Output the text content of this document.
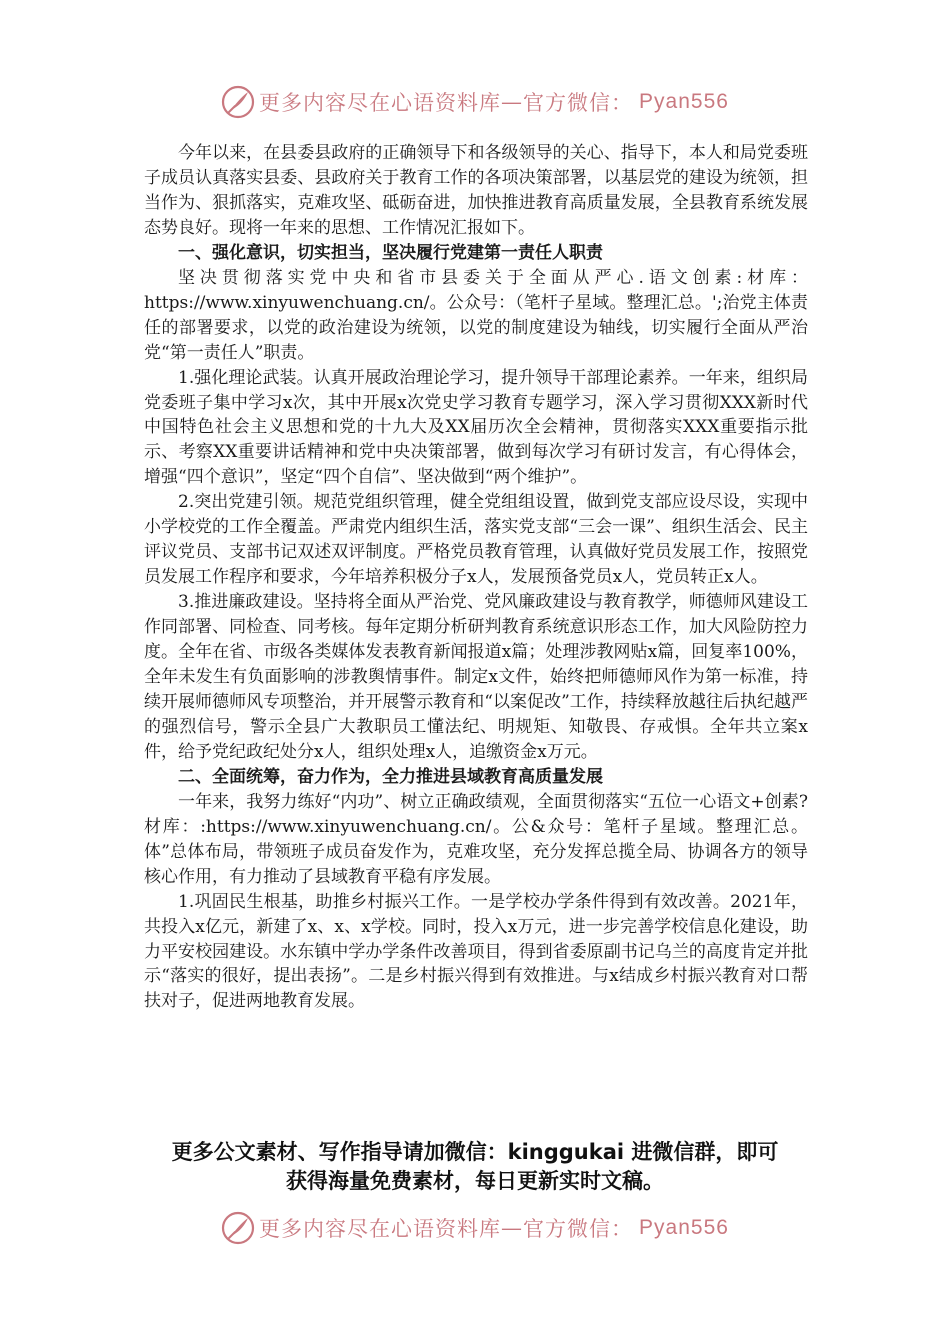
更多内容尽在心语资料库 — 官方微信： Pyan556

今年以来，在县委县政府的正确领导下和各级领导的关心、指导下，本人和局党委班子成员认真落实县委、县政府关于教育工作的各项决策部署，以基层党的建设为统领，担当作为、狠抓落实，克难攻坚、砥砺奋进，加快推进教育高质量发展，全县教育系统发展态势良好。现将一年来的思想、工作情况汇报如下。

一、强化意识，切实担当，坚决履行党建第一责任人职责

坚决贯彻落实党中央和省市县委关于全面从严心.语文创素:材库：https://www.xinyuwenchuang.cn/。公众号：（笔杆子星域。整理汇总。';治党主体责任的部署要求，以党的政治建设为统领，以党的制度建设为轴线，切实履行全面从严治党“第一责任人”职责。

1.强化理论武装。认真开展政治理论学习，提升领导干部理论素养。一年来，组织局党委班子集中学习x次，其中开展x次党史学习教育专题学习，深入学习贯彻XXX新时代中国特色社会主义思想和党的十九大及XX届历次全会精神，贯彻落实XXX重要指示批示、考察XX重要讲话精神和党中央决策部署，做到每次学习有研讨发言，有心得体会，增强“四个意识”，坚定“四个自信”、坚决做到“两个维护”。

2.突出党建引领。规范党组织管理，健全党组组设置，做到党支部应设尽设，实现中小学校党的工作全覆盖。严肃党内组织生活，落实党支部“三会一课”、组织生活会、民主评议党员、支部书记双述双评制度。严格党员教育管理，认真做好党员发展工作，按照党员发展工作程序和要求，今年培养积极分子x人，发展预备党员x人，党员转正x人。

3.推进廉政建设。坚持将全面从严治党、党风廉政建设与教育教学，师德师风建设工作同部署、同检查、同考核。每年定期分析研判教育系统意识形态工作，加大风险防控力度。全年在省、市级各类媒体发表教育新闻报道x篇；处理涉教网贴x篇，回复率100%，全年未发生有负面影响的涉教舆情事件。制定x文件，始终把师德师风作为第一标准，持续开展师德师风专项整治，并开展警示教育和“以案促改”工作，持续释放越往后执纪越严的强烈信号，警示全县广大教职员工懂法纪、明规矩、知敬畏、存戒惧。全年共立案x件，给予党纪政纪处分x人，组织处理x人，追缴资金x万元。

二、全面统筹，奋力作为，全力推进县域教育高质量发展

一年来，我努力练好“内功”、树立正确政绩观，全面贯彻落实“五位一心语文+创素?材库：:https://www.xinyuwenchuang.cn/。公&众号：笔杆子星域。整理汇总。体”总体布局，带领班子成员奋发作为，克难攻坚，充分发挥总揽全局、协调各方的领导核心作用，有力推动了县域教育平稳有序发展。

1.巩固民生根基，助推乡村振兴工作。一是学校办学条件得到有效改善。2021年，共投入x亿元，新建了x、x、x学校。同时，投入x万元，进一步完善学校信息化建设，助力平安校园建设。水东镇中学办学条件改善项目，得到省委原副书记乌兰的高度肯定并批示“落实的很好，提出表扬”。二是乡村振兴得到有效推进。与x结成乡村振兴教育对口帮扶对子，促进两地教育发展。

更多公文素材、写作指导请加微信：kinggukai 进微信群，即可
获得海量免费素材，每日更新实时文稿。
更多内容尽在心语资料库 — 官方微信： Pyan556
